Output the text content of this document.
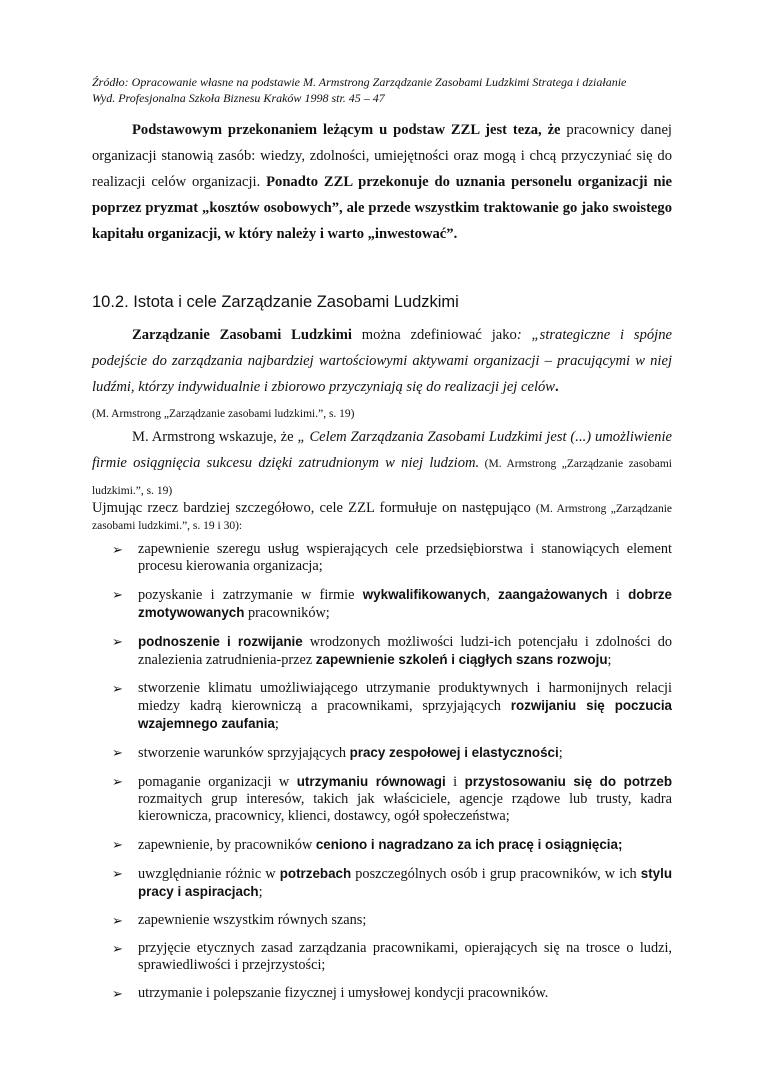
Źródło: Opracowanie własne na podstawie M. Armstrong Zarządzanie Zasobami Ludzkimi Stratega i działanie
Wyd. Profesjonalna Szkoła Biznesu Kraków 1998 str. 45 – 47
Podstawowym przekonaniem leżącym u podstaw ZZL jest teza, że pracownicy danej organizacji stanowią zasób: wiedzy, zdolności, umiejętności oraz mogą i chcą przyczyniać się do realizacji celów organizacji. Ponadto ZZL przekonuje do uznania personelu organizacji nie poprzez pryzmat „kosztów osobowych”, ale przede wszystkim traktowanie go jako swoistego kapitału organizacji, w który należy i warto „inwestować”.
10.2. Istota i cele Zarządzanie Zasobami Ludzkimi
Zarządzanie Zasobami Ludzkimi można zdefiniować jako: „strategiczne i spójne podejście do zarządzania najbardziej wartościowymi aktywami organizacji – pracującymi w niej ludźmi, którzy indywidualnie i zbiorowo przyczyniają się do realizacji jej celów.
(M. Armstrong „Zarządzanie zasobami ludzkimi.”, s. 19)
M. Armstrong wskazuje, że „ Celem Zarządzania Zasobami Ludzkimi jest (...) umożliwienie firmie osiągnięcia sukcesu dzięki zatrudnionym w niej ludziom. (M. Armstrong „Zarządzanie zasobami ludzkimi.”, s. 19)
Ujmując rzecz bardziej szczegółowo, cele ZZL formułuje on następująco (M. Armstrong „Zarządzanie zasobami ludzkimi.”, s. 19 i 30):
➢ zapewnienie szeregu usług wspierających cele przedsiębiorstwa i stanowiących element procesu kierowania organizacja;
➢ pozyskanie i zatrzymanie w firmie wykwalifikowanych, zaangażowanych i dobrze zmotywowanych pracowników;
➢ podnoszenie i rozwijanie wrodzonych możliwości ludzi-ich potencjału i zdolności do znalezienia zatrudnienia-przez zapewnienie szkoleń i ciągłych szans rozwoju;
➢ stworzenie klimatu umożliwiającego utrzymanie produktywnych i harmonijnych relacji miedzy kadrą kierowniczą a pracownikami, sprzyjających rozwijaniu się poczucia wzajemnego zaufania;
➢ stworzenie warunków sprzyjających pracy zespołowej i elastyczności;
➢ pomaganie organizacji w utrzymaniu równowagi i przystosowaniu się do potrzeb rozmaitych grup interesów, takich jak właściciele, agencje rządowe lub trusty, kadra kierownicza, pracownicy, klienci, dostawcy, ogół społeczeństwa;
➢ zapewnienie, by pracowników ceniono i nagradzano za ich pracę i osiągnięcia;
➢ uwzględnianie różnic w potrzebach poszczególnych osób i grup pracowników, w ich stylu pracy i aspiracjach;
➢ zapewnienie wszystkim równych szans;
➢ przyjęcie etycznych zasad zarządzania pracownikami, opierających się na trosce o ludzi, sprawiedliwości i przejrzystości;
➢ utrzymanie i polepszanie fizycznej i umysłowej kondycji pracowników.
